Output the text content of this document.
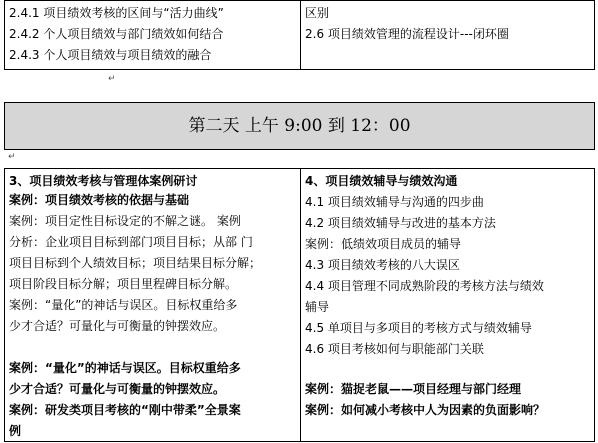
2.4.1 项目绩效考核的区间与“活力曲线”
2.4.2 个人项目绩效与部门绩效如何结合
2.4.3 个人项目绩效与项目绩效的融合
区别
2.6 项目绩效管理的流程设计---闭环圈
↵
第二天 上午 9:00 到 12：00
↵
3、项目绩效考核与管理体案例研讨
案例：项目绩效考核的依据与基础
案例：项目定性目标设定的不解之谜。 案例
分析：企业项目目标到部门项目目标；从部 门
项目目标到个人绩效目标；项目结果目标分解；
项目阶段目标分解；项目里程碑目标分解。
案例：“量化”的神话与误区。目标权重给多
少才合适？可量化与可衡量的钟摆效应。
案例：“量化”的神话与误区。目标权重给多
少才合适？可量化与可衡量的钟摆效应。
案例：研发类项目考核的“刚中带柔”全景案
例
4、项目绩效辅导与绩效沟通
4.1 项目绩效辅导与沟通的四步曲
4.2 项目绩效辅导与改进的基本方法
案例：低绩效项目成员的辅导
4.3 项目绩效考核的八大误区
4.4 项目管理不同成熟阶段的考核方法与绩效
辅导
4.5 单项目与多项目的考核方式与绩效辅导
4.6 项目考核如何与职能部门关联
案例：猫捉老鼠——项目经理与部门经理
案例：如何减小考核中人为因素的负面影响？
